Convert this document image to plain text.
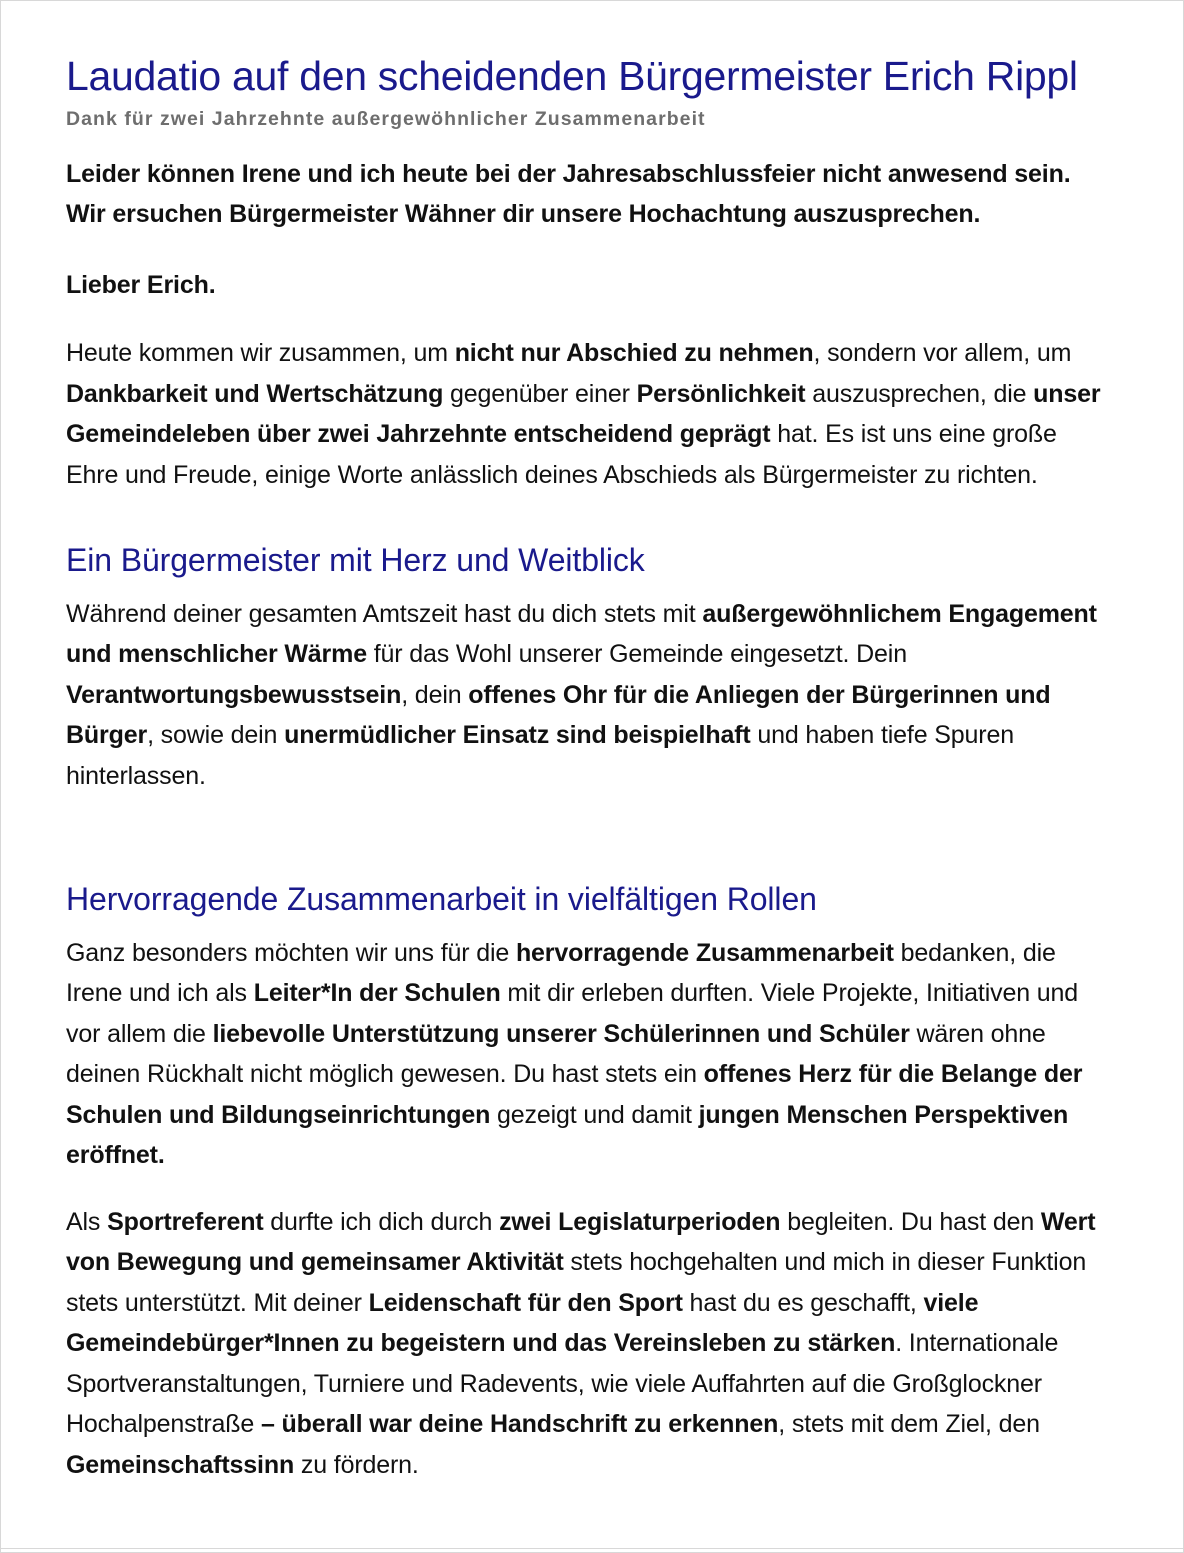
Laudatio auf den scheidenden Bürgermeister Erich Rippl
Dank für zwei Jahrzehnte außergewöhnlicher Zusammenarbeit

Leider können Irene und ich heute bei der Jahresabschlussfeier nicht anwesend sein. Wir ersuchen Bürgermeister Wähner dir unsere Hochachtung auszusprechen.

Lieber Erich.

Heute kommen wir zusammen, um nicht nur Abschied zu nehmen, sondern vor allem, um Dankbarkeit und Wertschätzung gegenüber einer Persönlichkeit auszusprechen, die unser Gemeindeleben über zwei Jahrzehnte entscheidend geprägt hat. Es ist uns eine große Ehre und Freude, einige Worte anlässlich deines Abschieds als Bürgermeister zu richten.

Ein Bürgermeister mit Herz und Weitblick

Während deiner gesamten Amtszeit hast du dich stets mit außergewöhnlichem Engagement und menschlicher Wärme für das Wohl unserer Gemeinde eingesetzt. Dein Verantwortungsbewusstsein, dein offenes Ohr für die Anliegen der Bürgerinnen und Bürger, sowie dein unermüdlicher Einsatz sind beispielhaft und haben tiefe Spuren hinterlassen.

Hervorragende Zusammenarbeit in vielfältigen Rollen

Ganz besonders möchten wir uns für die hervorragende Zusammenarbeit bedanken, die Irene und ich als Leiter*In der Schulen mit dir erleben durften. Viele Projekte, Initiativen und vor allem die liebevolle Unterstützung unserer Schülerinnen und Schüler wären ohne deinen Rückhalt nicht möglich gewesen. Du hast stets ein offenes Herz für die Belange der Schulen und Bildungseinrichtungen gezeigt und damit jungen Menschen Perspektiven eröffnet.

Als Sportreferent durfte ich dich durch zwei Legislaturperioden begleiten. Du hast den Wert von Bewegung und gemeinsamer Aktivität stets hochgehalten und mich in dieser Funktion stets unterstützt. Mit deiner Leidenschaft für den Sport hast du es geschafft, viele Gemeindebürger*Innen zu begeistern und das Vereinsleben zu stärken. Internationale Sportveranstaltungen, Turniere und Radevents, wie viele Auffahrten auf die Großglockner Hochalpenstraße – überall war deine Handschrift zu erkennen, stets mit dem Ziel, den Gemeinschaftssinn zu fördern.
